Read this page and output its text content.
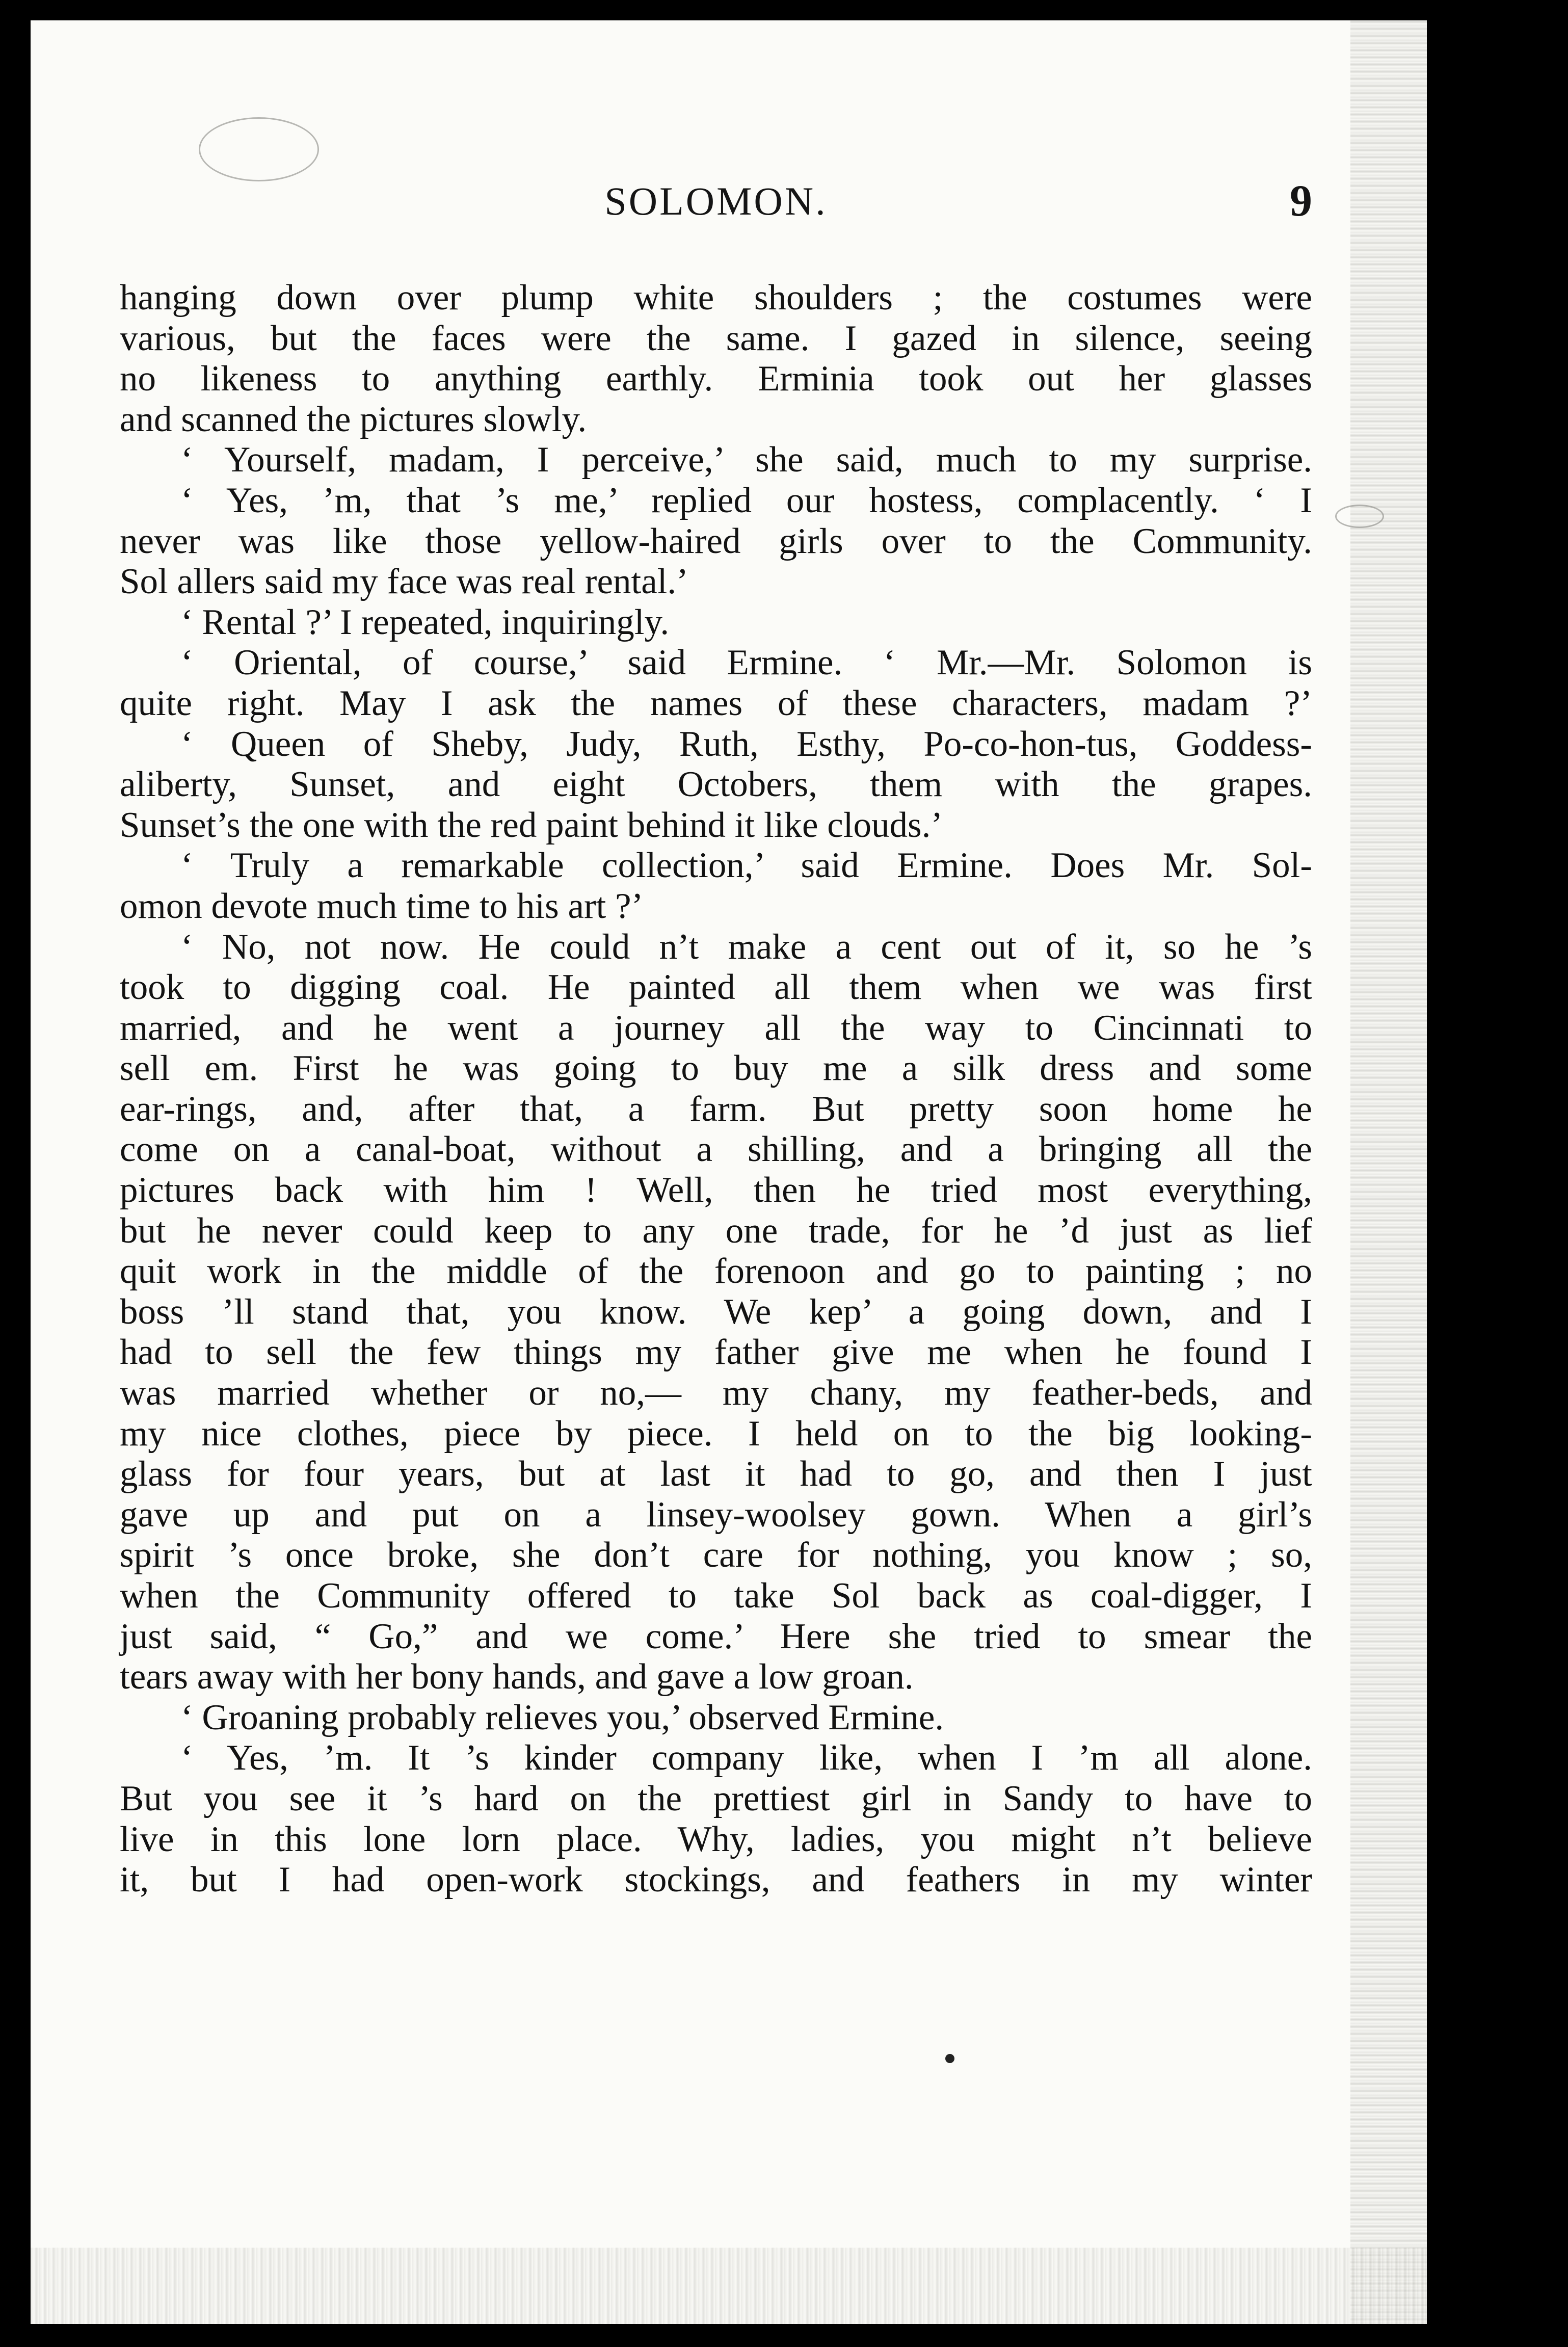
SOLOMON.	9
hanging down over plump white shoulders ; the costumes were
various, but the faces were the same. I gazed in silence, seeing
no likeness to anything earthly. Erminia took out her glasses
and scanned the pictures slowly.
‘ Yourself, madam, I perceive,’ she said, much to my surprise.
‘ Yes, ’m, that ’s me,’ replied our hostess, complacently. ‘ I
never was like those yellow-haired girls over to the Community.
Sol allers said my face was real rental.’
‘ Rental ?’ I repeated, inquiringly.
‘ Oriental, of course,’ said Ermine. ‘ Mr.—Mr. Solomon is
quite right. May I ask the names of these characters, madam ?’
‘ Queen of Sheby, Judy, Ruth, Esthy, Po-co-hon-tus, Goddess-
aliberty, Sunset, and eight Octobers, them with the grapes.
Sunset’s the one with the red paint behind it like clouds.’
‘ Truly a remarkable collection,’ said Ermine. Does Mr. Sol-
omon devote much time to his art ?’
‘ No, not now. He could n’t make a cent out of it, so he ’s
took to digging coal. He painted all them when we was first
married, and he went a journey all the way to Cincinnati to
sell em. First he was going to buy me a silk dress and some
ear-rings, and, after that, a farm. But pretty soon home he
come on a canal-boat, without a shilling, and a bringing all the
pictures back with him ! Well, then he tried most everything,
but he never could keep to any one trade, for he ’d just as lief
quit work in the middle of the forenoon and go to painting ; no
boss ’ll stand that, you know. We kep’ a going down, and I
had to sell the few things my father give me when he found I
was married whether or no,— my chany, my feather-beds, and
my nice clothes, piece by piece. I held on to the big looking-
glass for four years, but at last it had to go, and then I just
gave up and put on a linsey-woolsey gown. When a girl’s
spirit ’s once broke, she don’t care for nothing, you know ; so,
when the Community offered to take Sol back as coal-digger, I
just said, “ Go,” and we come.’ Here she tried to smear the
tears away with her bony hands, and gave a low groan.
‘ Groaning probably relieves you,’ observed Ermine.
‘ Yes, ’m. It ’s kinder company like, when I ’m all alone.
But you see it ’s hard on the prettiest girl in Sandy to have to
live in this lone lorn place. Why, ladies, you might n’t believe
it, but I had open-work stockings, and feathers in my winter
